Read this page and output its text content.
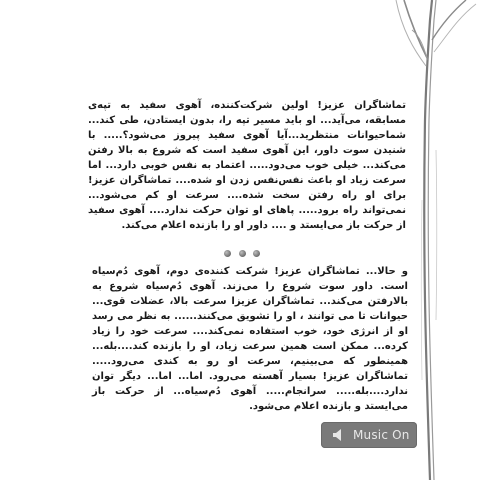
تماشاگران عزیز! اولین شرکت‌کننده، آهوی سفید به تپه‌ی مسابقه، می‌آید... او باید مسیر تپه را، بدون ایستادن، طی کند... شماحیوانات منتظرید...آیا آهوی سفید پیروز می‌شود؟..... با شنیدن سوت داور، این آهوی سفید است که شروع به بالا رفتن می‌کند... خیلی خوب می‌دود..... اعتماد به نفس خوبی دارد... اما سرعت زیاد او باعث نفس‌نفس زدن او شده.... تماشاگران عزیز! برای او راه رفتن سخت شده.... سرعت او کم می‌شود... نمی‌تواند راه برود..... پاهای او توان حرکت ندارد.... آهوی سفید از حرکت باز می‌ایستد و .... داور او را بازنده اعلام می‌کند.
و حالا... تماشاگران عزیز! شرکت کننده‌ی دوم، آهوی دُم‌سیاه است. داور سوت شروع را می‌زند. آهوی دُم‌سیاه شروع به بالارفتن می‌کند... تماشاگران عزیزا سرعت بالا، عضلات قوی... حیوانات تا می توانند ، او را تشویق می‌کنند...... به نظر می رسد او از انرژی خود، خوب استفاده نمی‌کند.... سرعت خود را زیاد کرده... ممکن است همین سرعت زیاد، او را بازنده کند....بله... همینطور که می‌بینیم، سرعت او رو به کندی می‌رود..... تماشاگران عزیز! بسیار آهسته می‌رود. اما... اما... دیگر توان ندارد....بله..... سرانجام..... آهوی دُم‌سیاه... از حرکت باز می‌ایستد و بازنده اعلام می‌شود.
Music On
